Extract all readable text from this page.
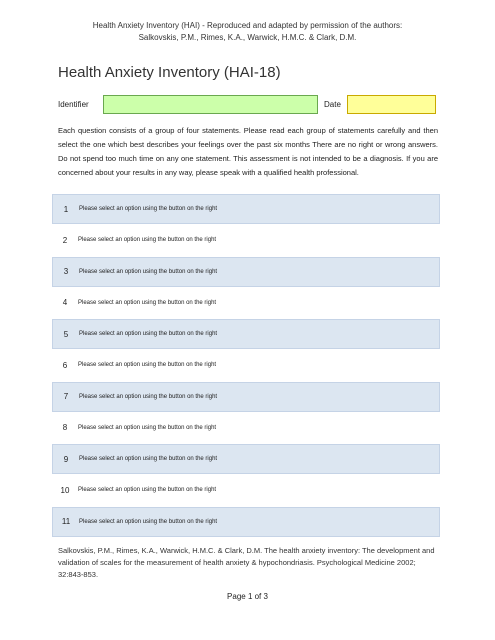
Health Anxiety Inventory (HAI) - Reproduced and adapted by permission of the authors:
Salkovskis, P.M., Rimes, K.A., Warwick, H.M.C. & Clark, D.M.
Health Anxiety Inventory (HAI-18)
Identifier	Date
Each question consists of a group of four statements. Please read each group of statements carefully and then select the one which best describes your feelings over the past six months There are no right or wrong answers. Do not spend too much time on any one statement. This assessment is not intended to be a diagnosis. If you are concerned about your results in any way, please speak with a qualified health professional.
1	Please select an option using the button on the right
2	Please select an option using the button on the right
3	Please select an option using the button on the right
4	Please select an option using the button on the right
5	Please select an option using the button on the right
6	Please select an option using the button on the right
7	Please select an option using the button on the right
8	Please select an option using the button on the right
9	Please select an option using the button on the right
10	Please select an option using the button on the right
11	Please select an option using the button on the right
Salkovskis, P.M., Rimes, K.A., Warwick, H.M.C. & Clark, D.M. The health anxiety inventory: The development and validation of scales for the measurement of health anxiety & hypochondriasis. Psychological Medicine 2002; 32:843-853.
Page 1 of 3
